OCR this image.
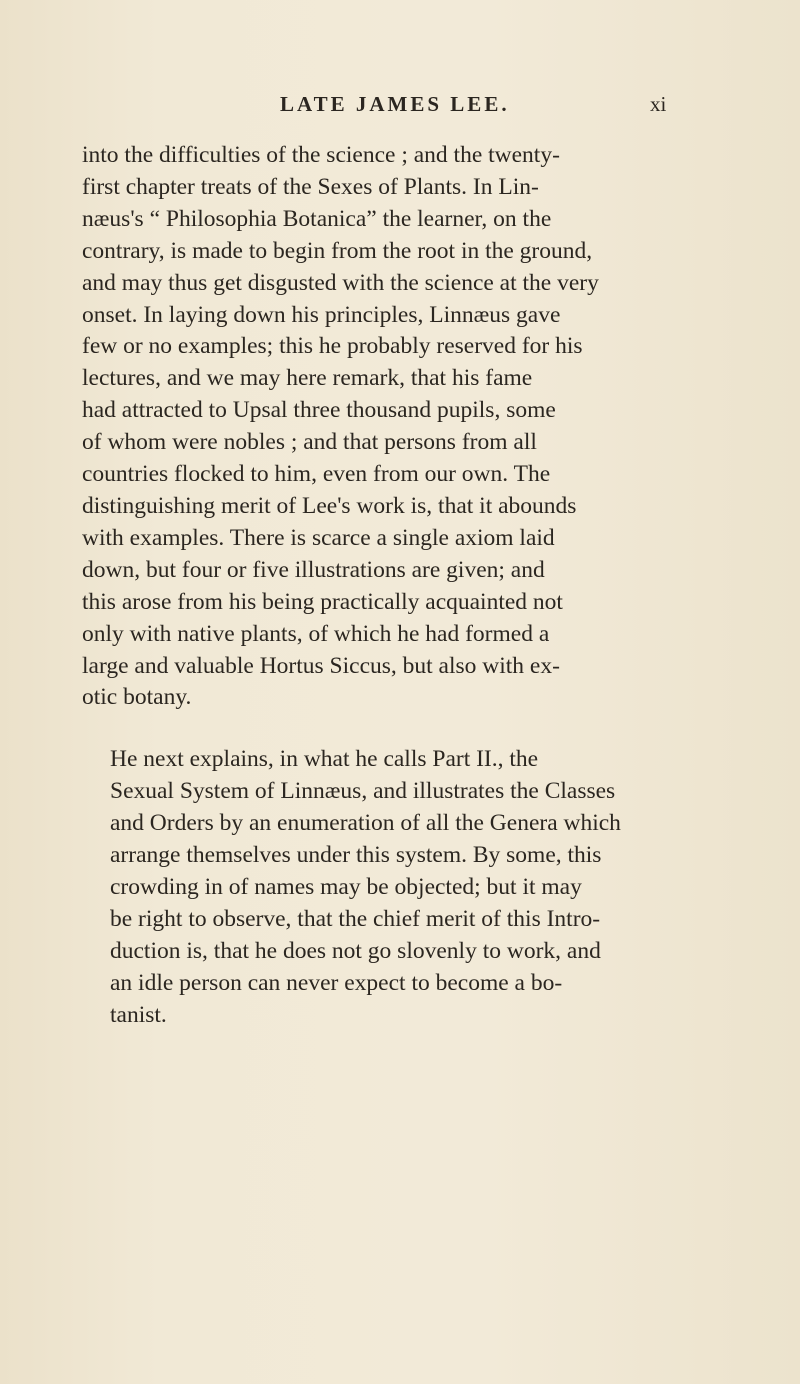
LATE JAMES LEE.	xi

into the difficulties of the science ; and the twenty-
first chapter treats of the Sexes of Plants. In Lin-
næus's “ Philosophia Botanica” the learner, on the
contrary, is made to begin from the root in the ground,
and may thus get disgusted with the science at the very
onset. In laying down his principles, Linnæus gave
few or no examples; this he probably reserved for his
lectures, and we may here remark, that his fame
had attracted to Upsal three thousand pupils, some
of whom were nobles ; and that persons from all
countries flocked to him, even from our own. The
distinguishing merit of Lee's work is, that it abounds
with examples. There is scarce a single axiom laid
down, but four or five illustrations are given; and
this arose from his being practically acquainted not
only with native plants, of which he had formed a
large and valuable Hortus Siccus, but also with ex-
otic botany.

He next explains, in what he calls Part II., the
Sexual System of Linnæus, and illustrates the Classes
and Orders by an enumeration of all the Genera which
arrange themselves under this system. By some, this
crowding in of names may be objected; but it may
be right to observe, that the chief merit of this Intro-
duction is, that he does not go slovenly to work, and
an idle person can never expect to become a bo-
tanist.
